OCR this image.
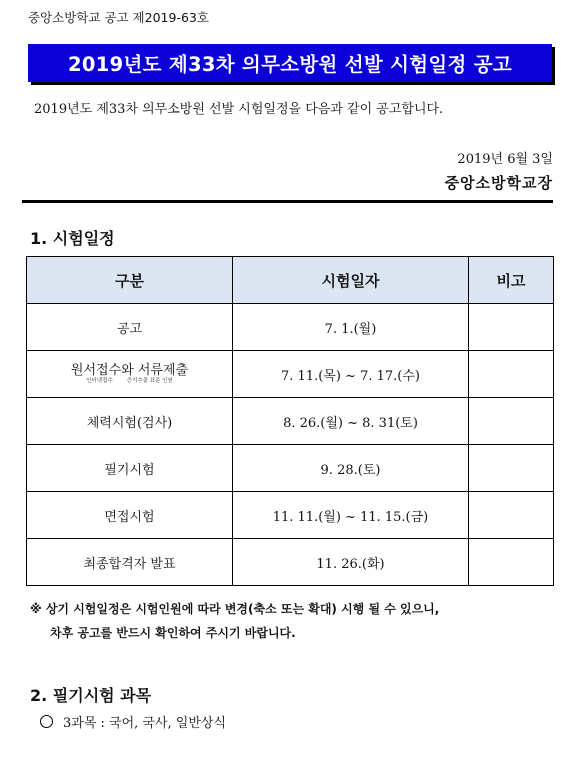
중앙소방학교 공고 제2019-63호
2019년도 제33차 의무소방원 선발 시험일정 공고
2019년도 제33차 의무소방원 선발 시험일정을 다음과 같이 공고합니다.
2019년 6월 3일
중앙소방학교장
1. 시험일정
구분	시험일자	비고
공고	7. 1.(월)	
원서접수와 서류제출
인터넷접수        증기추출 표준 인원	7. 11.(목) ~ 7. 17.(수)	
체력시험(검사)	8. 26.(월) ~ 8. 31(토)	
필기시험	9. 28.(토)	
면접시험	11. 11.(월) ~ 11. 15.(금)	
최종합격자 발표	11. 26.(화)	
※ 상기 시험일정은 시험인원에 따라 변경(축소 또는 확대) 시행 될 수 있으니,
차후 공고를 반드시 확인하여 주시기 바랍니다.
2. 필기시험 과목
3과목 : 국어, 국사, 일반상식
